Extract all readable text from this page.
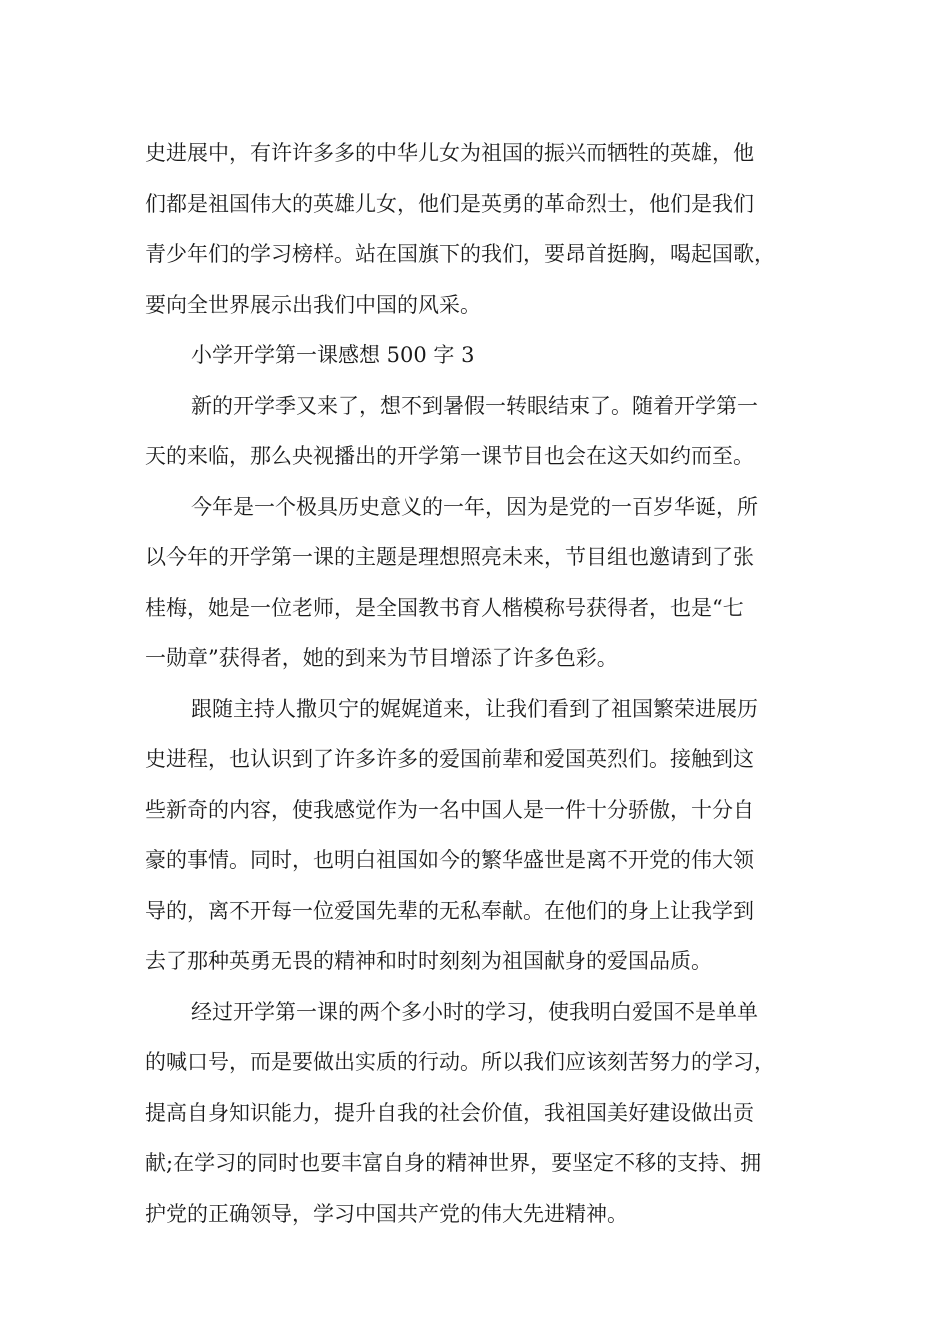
史进展中，有许许多多的中华儿女为祖国的振兴而牺牲的英雄，他
们都是祖国伟大的英雄儿女，他们是英勇的革命烈士，他们是我们
青少年们的学习榜样。站在国旗下的我们，要昂首挺胸，喝起国歌，
要向全世界展示出我们中国的风采。
小学开学第一课感想 500 字 3
新的开学季又来了，想不到暑假一转眼结束了。随着开学第一
天的来临，那么央视播出的开学第一课节目也会在这天如约而至。
今年是一个极具历史意义的一年，因为是党的一百岁华诞，所
以今年的开学第一课的主题是理想照亮未来，节目组也邀请到了张
桂梅，她是一位老师，是全国教书育人楷模称号获得者，也是“七
一勋章”获得者，她的到来为节目增添了许多色彩。
跟随主持人撒贝宁的娓娓道来，让我们看到了祖国繁荣进展历
史进程，也认识到了许多许多的爱国前辈和爱国英烈们。接触到这
些新奇的内容，使我感觉作为一名中国人是一件十分骄傲，十分自
豪的事情。同时，也明白祖国如今的繁华盛世是离不开党的伟大领
导的，离不开每一位爱国先辈的无私奉献。在他们的身上让我学到
去了那种英勇无畏的精神和时时刻刻为祖国献身的爱国品质。
经过开学第一课的两个多小时的学习，使我明白爱国不是单单
的喊口号，而是要做出实质的行动。所以我们应该刻苦努力的学习，
提高自身知识能力，提升自我的社会价值，我祖国美好建设做出贡
献;在学习的同时也要丰富自身的精神世界，要坚定不移的支持、拥
护党的正确领导，学习中国共产党的伟大先进精神。
